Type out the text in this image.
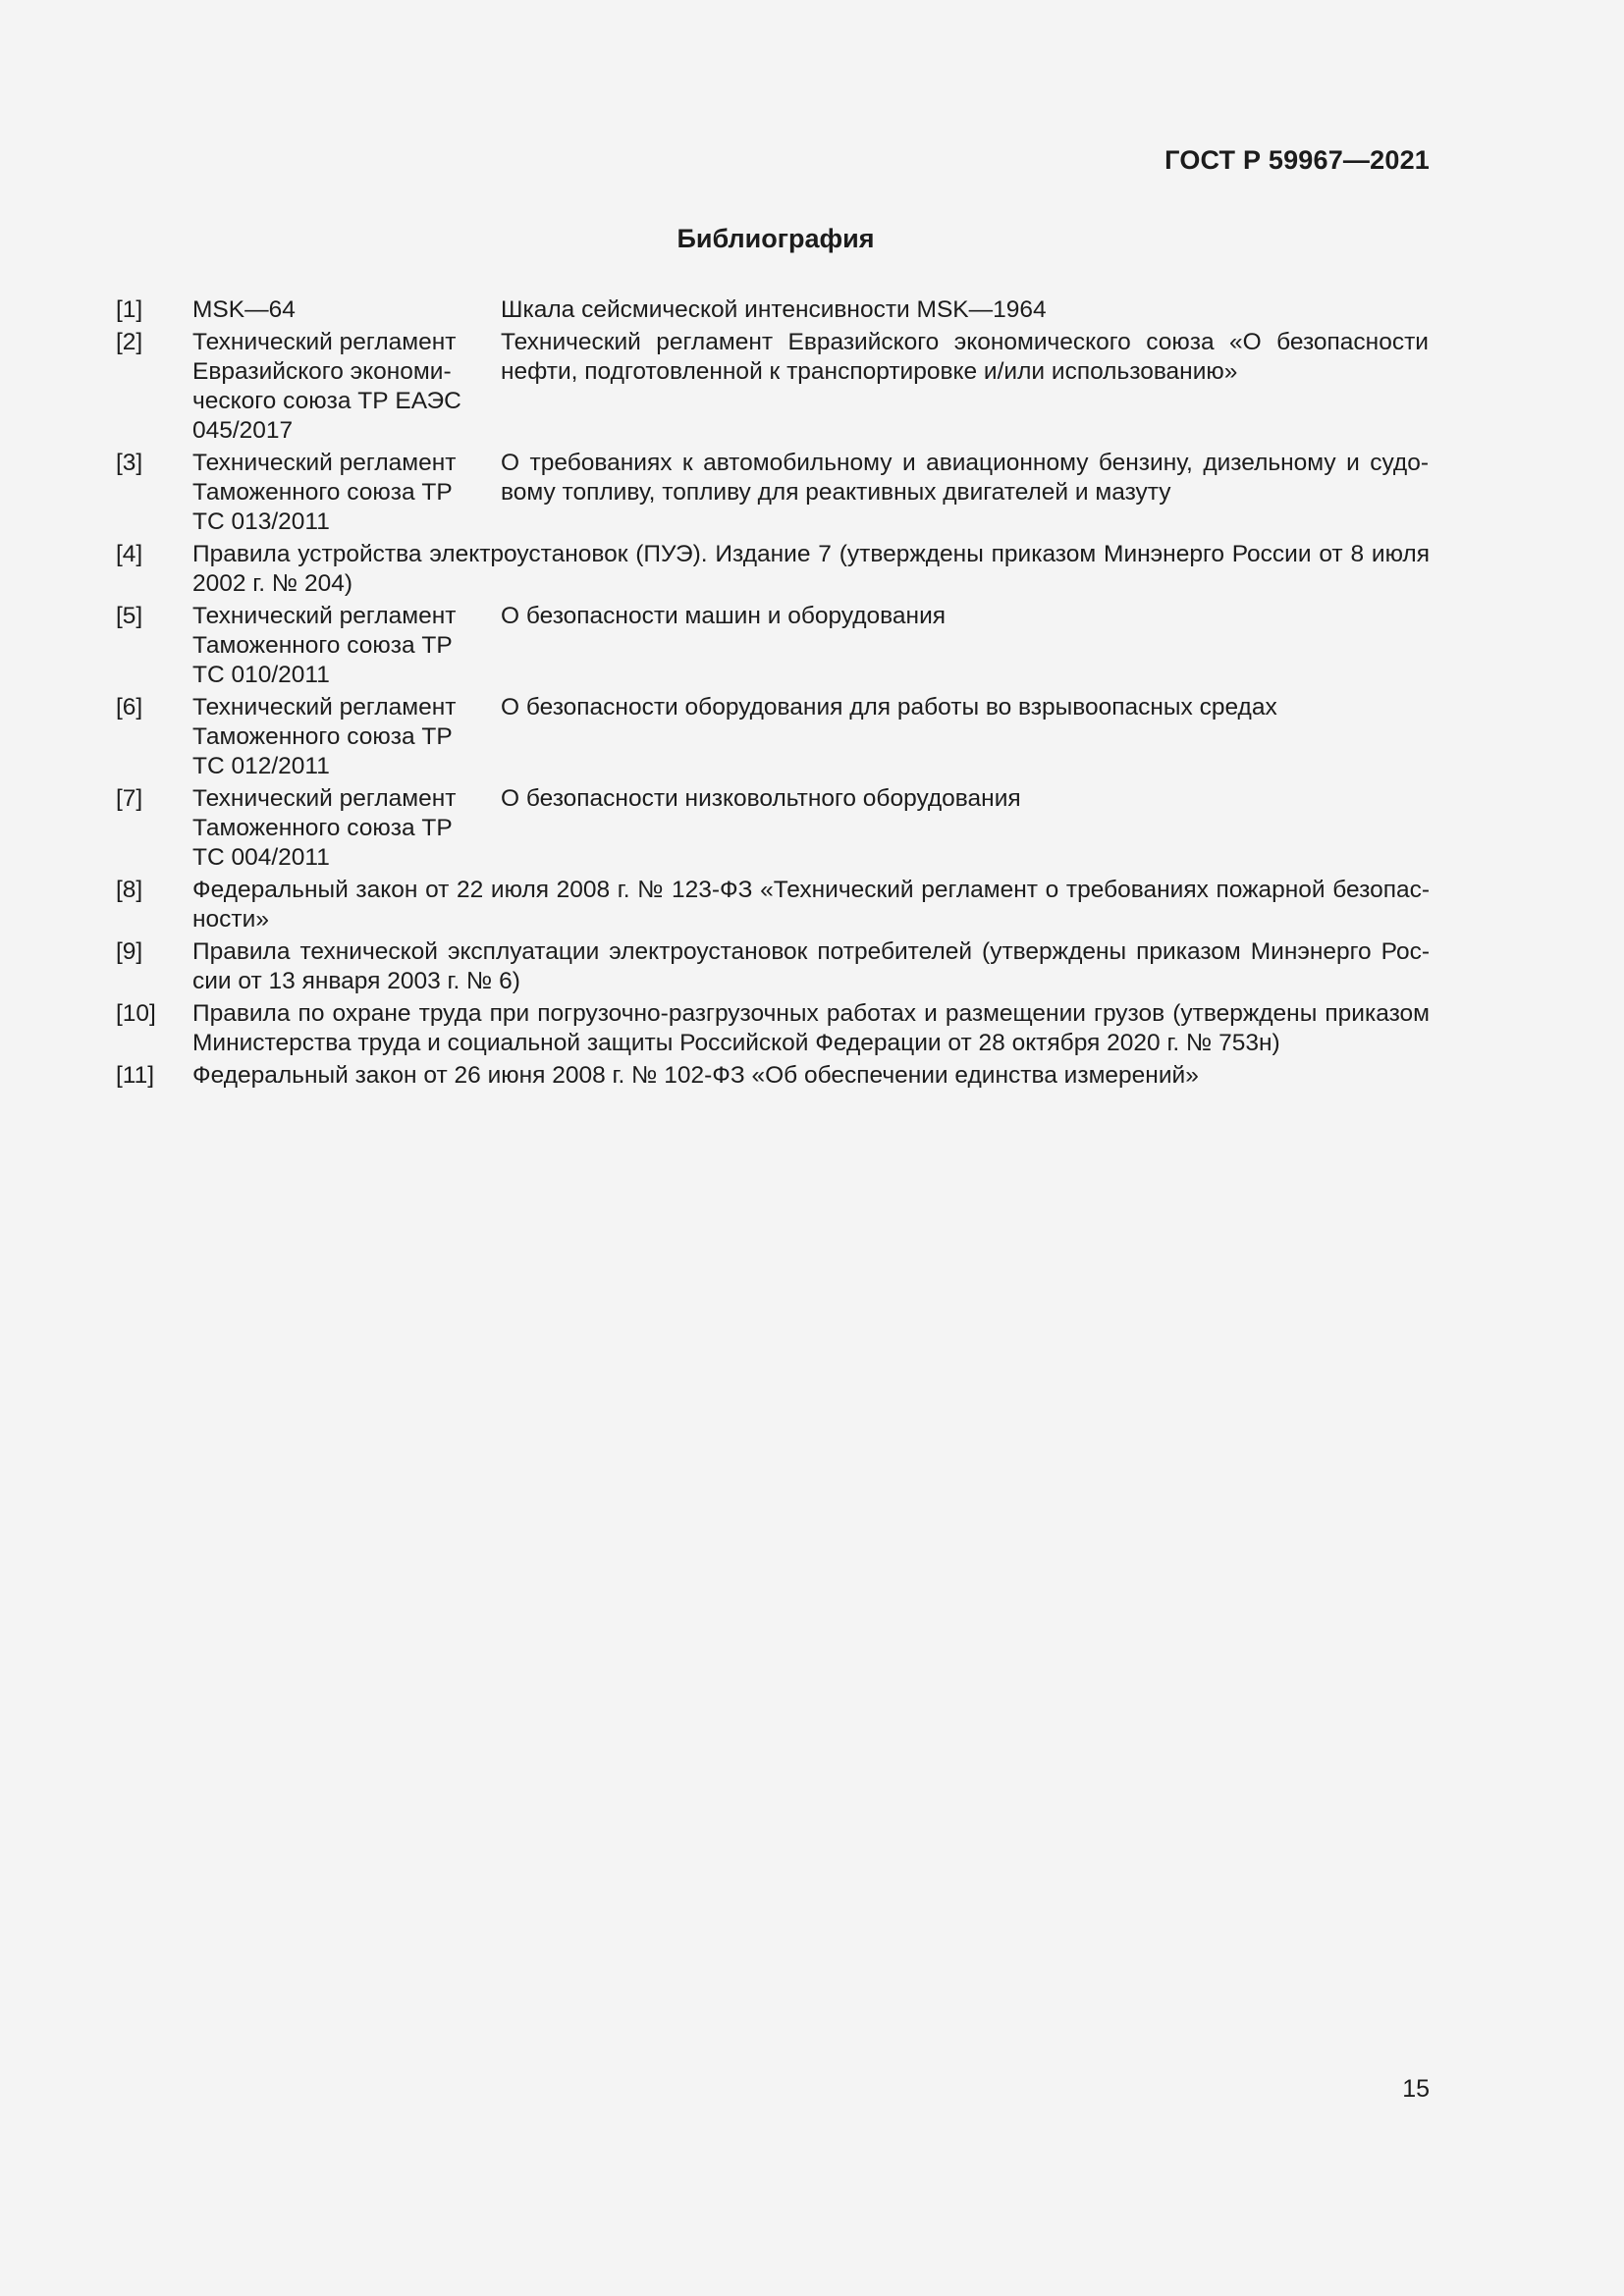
ГОСТ Р 59967—2021
Библиография
[1] MSK—64	Шкала сейсмической интенсивности MSK—1964
[2] Технический регламент Евразийского экономи-ческого союза ТР ЕАЭС 045/2017Технический регламент Евразийского экономического союза «О безопасности нефти, подготовленной к транспортировке и/или использованию»
[3] Технический регламент Таможенного союза ТР ТС 013/2011О требованиях к автомобильному и авиационному бензину, дизельному и судо-вому топливу, топливу для реактивных двигателей и мазуту
[4] Правила устройства электроустановок (ПУЭ). Издание 7 (утверждены приказом Минэнерго России от 8 июля 2002 г. № 204)
[5] Технический регламент Таможенного союза ТР ТС 010/2011О безопасности машин и оборудования
[6] Технический регламент Таможенного союза ТР ТС 012/2011О безопасности оборудования для работы во взрывоопасных средах
[7] Технический регламент Таможенного союза ТР ТС 004/2011О безопасности низковольтного оборудования
[8] Федеральный закон от 22 июля 2008 г. № 123-ФЗ «Технический регламент о требованиях пожарной безопас-ности»
[9] Правила технической эксплуатации электроустановок потребителей (утверждены приказом Минэнерго Рос-сии от 13 января 2003 г. № 6)
[10] Правила по охране труда при погрузочно-разгрузочных работах и размещении грузов (утверждены приказом Министерства труда и социальной защиты Российской Федерации от 28 октября 2020 г. № 753н)
[11] Федеральный закон от 26 июня 2008 г. № 102-ФЗ «Об обеспечении единства измерений»
15
